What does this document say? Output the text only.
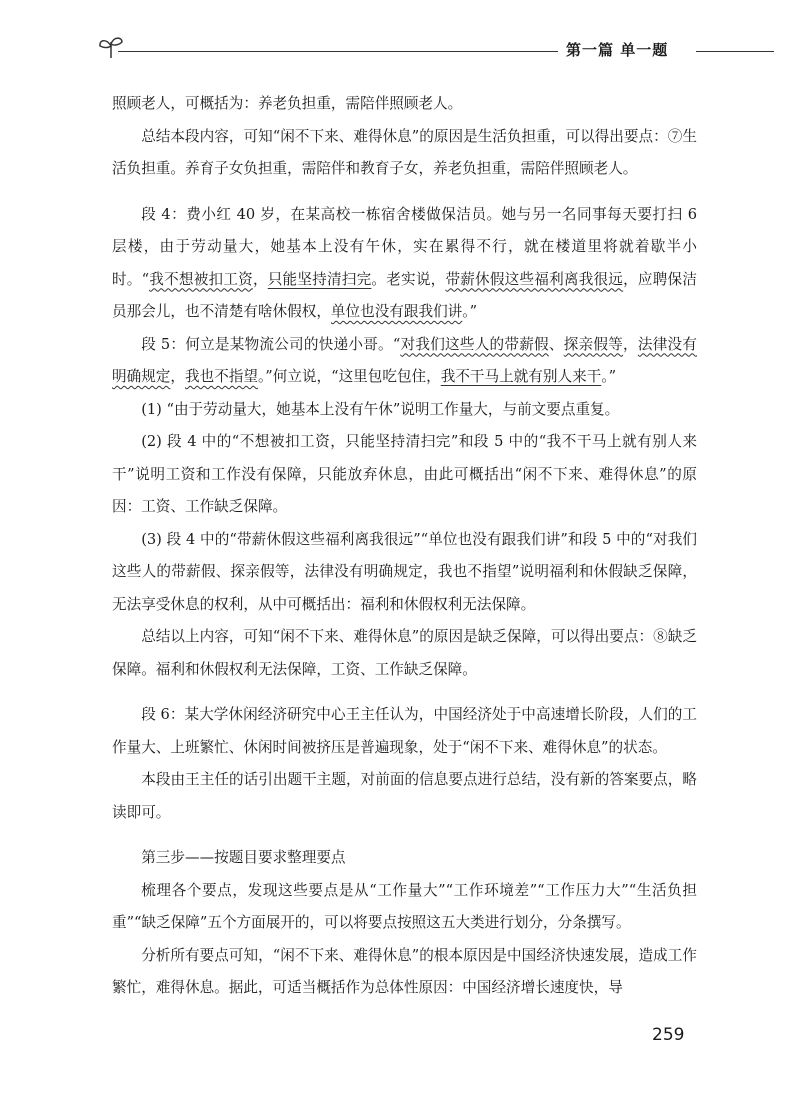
第一篇 单一题

照顾老人，可概括为：养老负担重，需陪伴照顾老人。

总结本段内容，可知“闲不下来、难得休息”的原因是生活负担重，可以得出要点：⑦生活负担重。养育子女负担重，需陪伴和教育子女，养老负担重，需陪伴照顾老人。

段 4：费小红 40 岁，在某高校一栋宿舍楼做保洁员。她与另一名同事每天要打扫 6 层楼，由于劳动量大，她基本上没有午休，实在累得不行，就在楼道里将就着歇半小时。“我不想被扣工资，只能坚持清扫完。老实说，带薪休假这些福利离我很远，应聘保洁员那会儿，也不清楚有啥休假权，单位也没有跟我们讲。”

段 5：何立是某物流公司的快递小哥。“对我们这些人的带薪假、探亲假等，法律没有明确规定，我也不指望。”何立说，“这里包吃包住，我不干马上就有别人来干。”

(1) “由于劳动量大，她基本上没有午休”说明工作量大，与前文要点重复。

(2) 段 4 中的“不想被扣工资，只能坚持清扫完”和段 5 中的“我不干马上就有别人来干”说明工资和工作没有保障，只能放弃休息，由此可概括出“闲不下来、难得休息”的原因：工资、工作缺乏保障。

(3) 段 4 中的“带薪休假这些福利离我很远”“单位也没有跟我们讲”和段 5 中的“对我们这些人的带薪假、探亲假等，法律没有明确规定，我也不指望”说明福利和休假缺乏保障，无法享受休息的权利，从中可概括出：福利和休假权利无法保障。

总结以上内容，可知“闲不下来、难得休息”的原因是缺乏保障，可以得出要点：⑧缺乏保障。福利和休假权利无法保障，工资、工作缺乏保障。

段 6：某大学休闲经济研究中心王主任认为，中国经济处于中高速增长阶段，人们的工作量大、上班繁忙、休闲时间被挤压是普遍现象，处于“闲不下来、难得休息”的状态。

本段由王主任的话引出题干主题，对前面的信息要点进行总结，没有新的答案要点，略读即可。

第三步——按题目要求整理要点

梳理各个要点，发现这些要点是从“工作量大”“工作环境差”“工作压力大”“生活负担重”“缺乏保障”五个方面展开的，可以将要点按照这五大类进行划分，分条撰写。

分析所有要点可知，“闲不下来、难得休息”的根本原因是中国经济快速发展，造成工作繁忙，难得休息。据此，可适当概括作为总体性原因：中国经济增长速度快，导

259
